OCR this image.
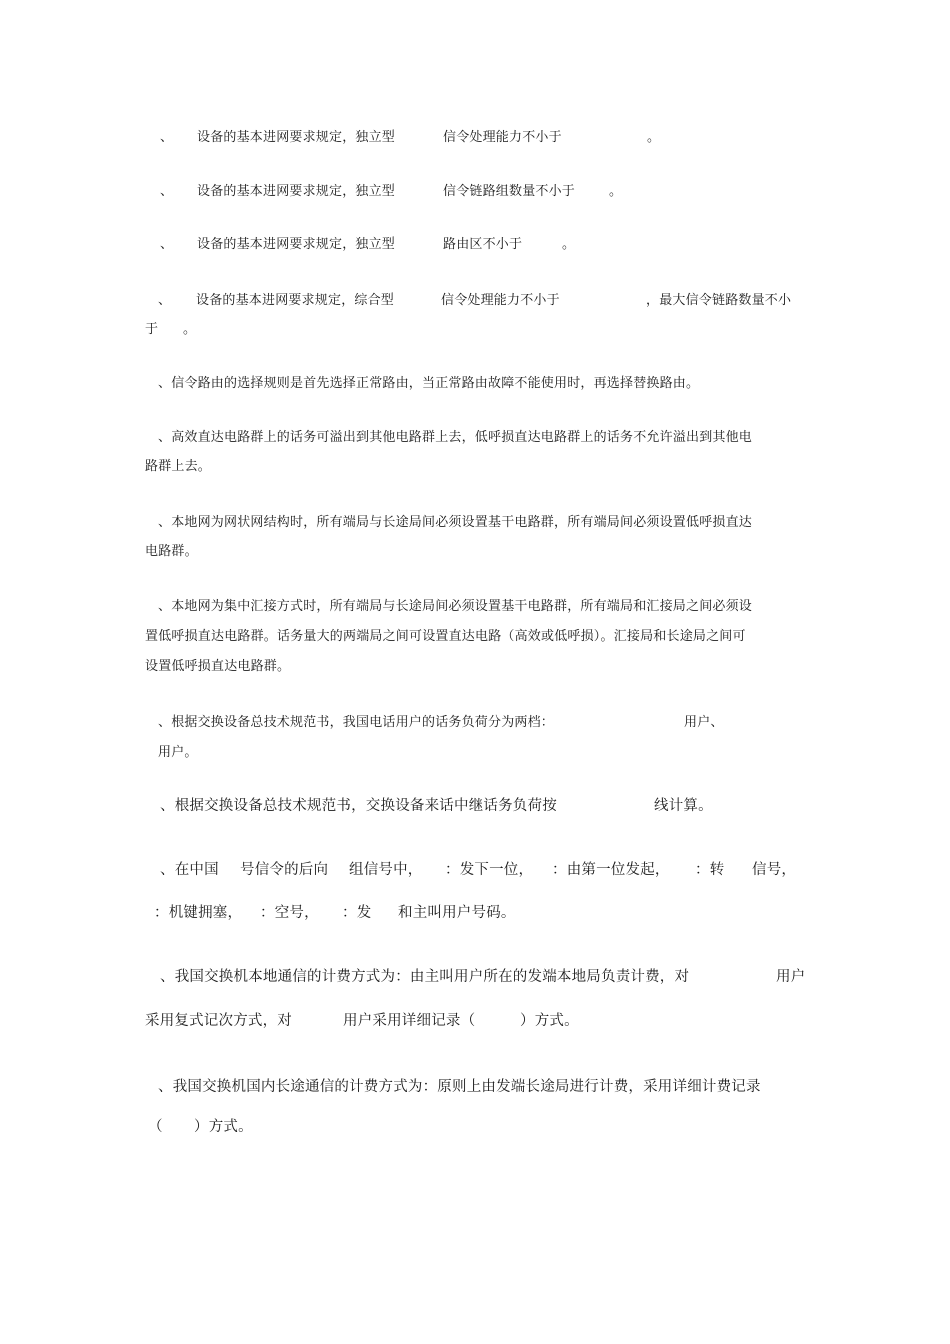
、 设备的基本进网要求规定，独立型	信令处理能力不小于	。
、 设备的基本进网要求规定，独立型	信令链路组数量不小于	。
、 设备的基本进网要求规定，独立型	路由区不小于	。
、 设备的基本进网要求规定，综合型	信令处理能力不小于	，最大信令链路数量不小
于 。
、信令路由的选择规则是首先选择正常路由，当正常路由故障不能使用时，再选择替换路由。
、高效直达电路群上的话务可溢出到其他电路群上去，低呼损直达电路群上的话务不允许溢出到其他电
路群上去。
、本地网为网状网结构时，所有端局与长途局间必须设置基干电路群，所有端局间必须设置低呼损直达
电路群。
、本地网为集中汇接方式时，所有端局与长途局间必须设置基干电路群，所有端局和汇接局之间必须设
置低呼损直达电路群。话务量大的两端局之间可设置直达电路（高效或低呼损）。汇接局和长途局之间可
设置低呼损直达电路群。
、根据交换设备总技术规范书，我国电话用户的话务负荷分为两档：	用户、
用户。
、根据交换设备总技术规范书，交换设备来话中继话务负荷按	线计算。
、在中国 号信令的后向 组信号中， ：发下一位， ：由第一位发起， ：转 信号，
：机键拥塞， ：空号， ：发 和主叫用户号码。
、我国交换机本地通信的计费方式为：由主叫用户所在的发端本地局负责计费，对	用户
采用复式记次方式，对	用户采用详细记录（	）方式。
、我国交换机国内长途通信的计费方式为：原则上由发端长途局进行计费，采用详细计费记录
（ ）方式。
